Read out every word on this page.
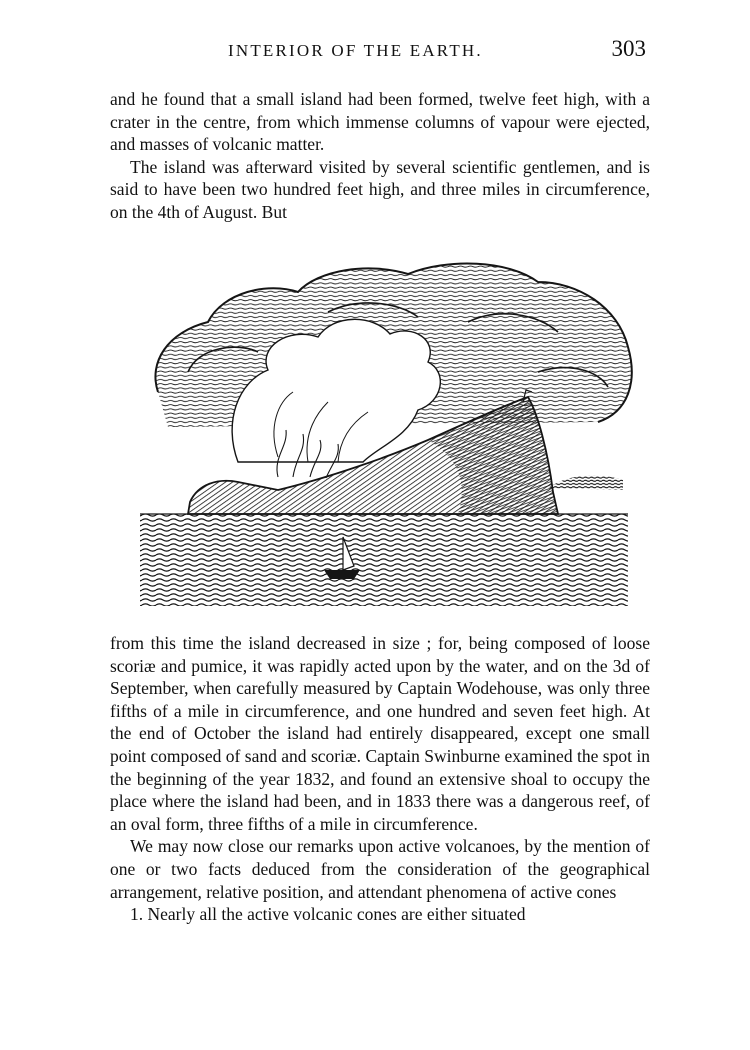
INTERIOR OF THE EARTH.	303

and he found that a small island had been formed, twelve feet high, with a crater in the centre, from which immense columns of vapour were ejected, and masses of volcanic matter.

The island was afterward visited by several scientific gentlemen, and is said to have been two hundred feet high, and three miles in circumference, on the 4th of August. But

from this time the island decreased in size ; for, being composed of loose scoriæ and pumice, it was rapidly acted upon by the water, and on the 3d of September, when carefully measured by Captain Wodehouse, was only three fifths of a mile in circumference, and one hundred and seven feet high. At the end of October the island had entirely disappeared, except one small point composed of sand and scoriæ. Captain Swinburne examined the spot in the beginning of the year 1832, and found an extensive shoal to occupy the place where the island had been, and in 1833 there was a dangerous reef, of an oval form, three fifths of a mile in circumference.

We may now close our remarks upon active volcanoes, by the mention of one or two facts deduced from the consideration of the geographical arrangement, relative position, and attendant phenomena of active cones

1. Nearly all the active volcanic cones are either situated
